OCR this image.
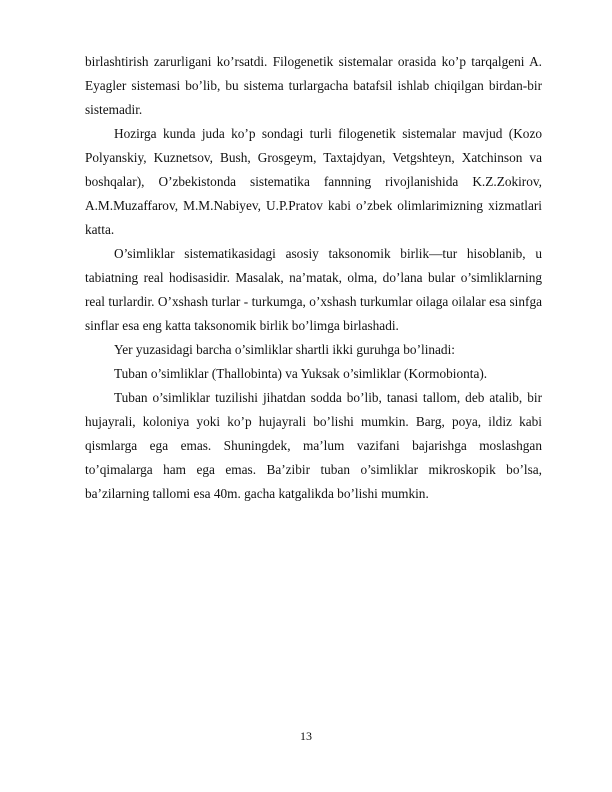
birlashtirish zarurligani ko’rsatdi. Filogenetik sistemalar orasida ko’p tarqalgeni A. Eyagler sistemasi bo’lib, bu sistema turlargacha batafsil ishlab chiqilgan birdan-bir sistemadir.

Hozirga kunda juda ko’p sondagi turli filogenetik sistemalar mavjud (Kozo Polyanskiy, Kuznetsov, Bush, Grosgeym, Taxtajdyan, Vetgshteyn, Xatchinson va boshqalar), O’zbekistonda sistematika fannning rivojlanishida K.Z.Zokirov, A.M.Muzaffarov, M.M.Nabiyev, U.P.Pratov kabi o’zbek olimlarimizning xizmatlari katta.

O’simliklar sistematikasidagi asosiy taksonomik birlik—tur hisoblanib, u tabiatning real hodisasidir. Masalak, na’matak, olma, do’lana bular o’simliklarning real turlardir. O’xshash turlar - turkumga, o’xshash turkumlar oilaga oilalar esa sinfga sinflar esa eng katta taksonomik birlik bo’limga birlashadi.

Yer yuzasidagi barcha o’simliklar shartli ikki guruhga bo’linadi:

Tuban o’simliklar (Thallobinta) va Yuksak o’simliklar (Kormobionta).

Tuban o’simliklar tuzilishi jihatdan sodda bo’lib, tanasi tallom, deb atalib, bir hujayrali, koloniya yoki ko’p hujayrali bo’lishi mumkin. Barg, poya, ildiz kabi qismlarga ega emas. Shuningdek, ma’lum vazifani bajarishga moslashgan to’qimalarga ham ega emas. Ba’zibir tuban o’simliklar mikroskopik bo’lsa, ba’zilarning tallomi esa 40m. gacha katgalikda bo’lishi mumkin.

13
